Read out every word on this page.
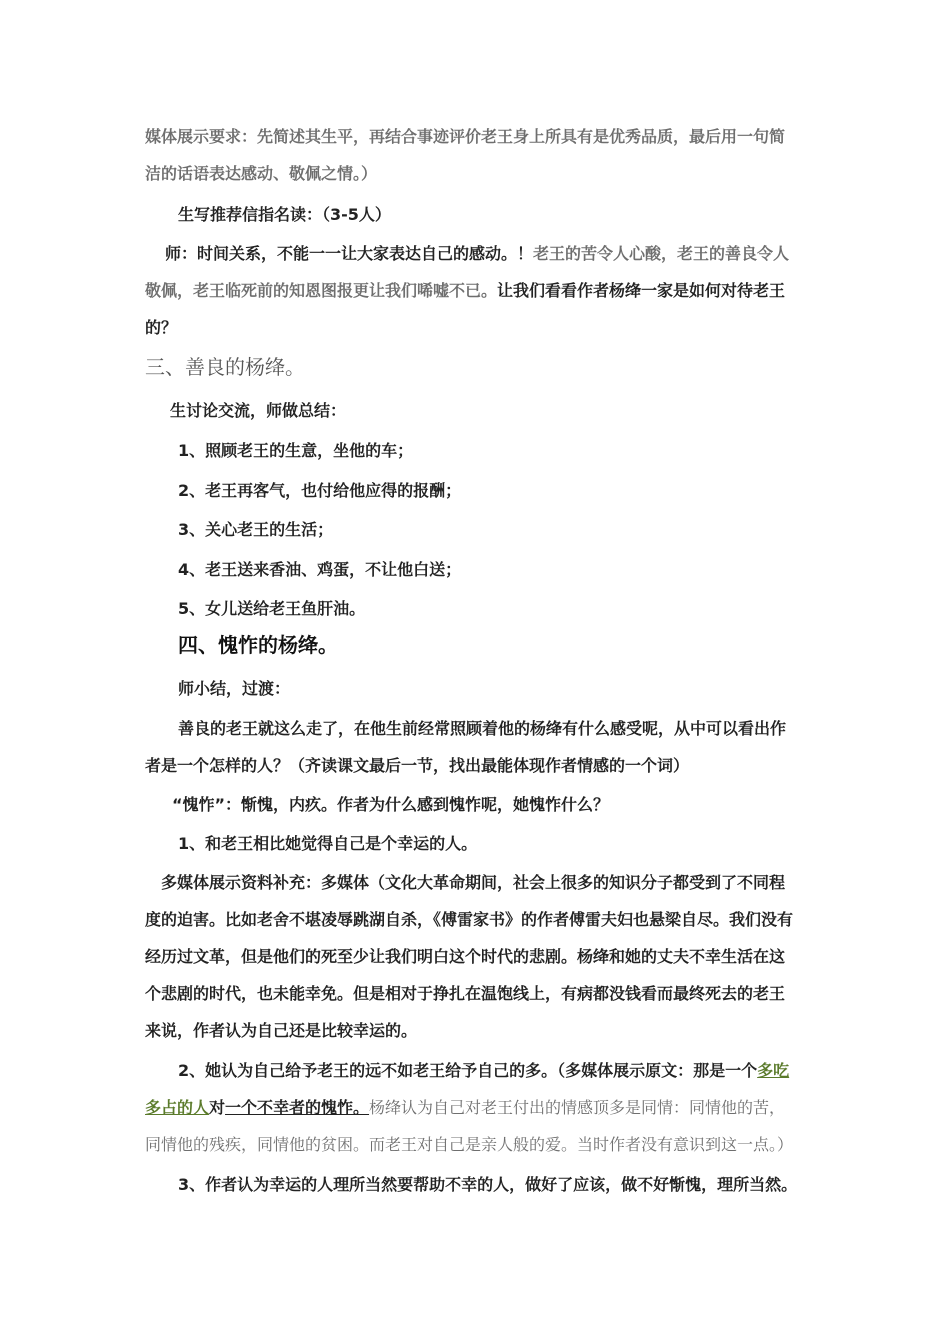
媒体展示要求：先简述其生平，再结合事迹评价老王身上所具有是优秀品质，最后用一句简
洁的话语表达感动、敬佩之情。）

生写推荐信指名读：（3-5人）

师：时间关系，不能一一让大家表达自己的感动。！老王的苦令人心酸，老王的善良令人

敬佩，老王临死前的知恩图报更让我们唏嘘不已。让我们看看作者杨绛一家是如何对待老王
的？

三、善良的杨绛。

生讨论交流，师做总结：

1、照顾老王的生意，坐他的车；
2、老王再客气，也付给他应得的报酬；
3、关心老王的生活；
4、老王送来香油、鸡蛋，不让他白送；
5、女儿送给老王鱼肝油。

四、愧怍的杨绛。

师小结，过渡：

善良的老王就这么走了，在他生前经常照顾着他的杨绛有什么感受呢，从中可以看出作
者是一个怎样的人？（齐读课文最后一节，找出最能体现作者情感的一个词）

“愧怍”：惭愧，内疚。作者为什么感到愧怍呢，她愧怍什么？

1、和老王相比她觉得自己是个幸运的人。

多媒体展示资料补充：多媒体（文化大革命期间，社会上很多的知识分子都受到了不同程
度的迫害。比如老舍不堪凌辱跳湖自杀，《傅雷家书》的作者傅雷夫妇也悬梁自尽。我们没有
经历过文革，但是他们的死至少让我们明白这个时代的悲剧。杨绛和她的丈夫不幸生活在这
个悲剧的时代，也未能幸免。但是相对于挣扎在温饱线上，有病都没钱看而最终死去的老王
来说，作者认为自己还是比较幸运的。

2、她认为自己给予老王的远不如老王给予自己的多。（多媒体展示原文：那是一个多吃
多占的人对一个不幸者的愧怍。杨绛认为自己对老王付出的情感顶多是同情：同情他的苦，
同情他的残疾，同情他的贫困。而老王对自己是亲人般的爱。当时作者没有意识到这一点。）

3、作者认为幸运的人理所当然要帮助不幸的人，做好了应该，做不好惭愧，理所当然。
